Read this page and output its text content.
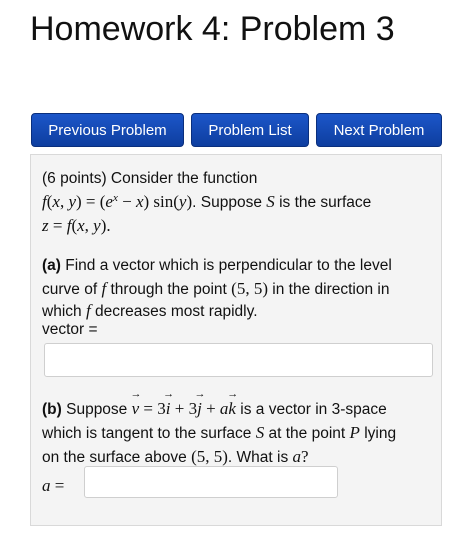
Homework 4: Problem 3
Previous Problem	Problem List	Next Problem
(6 points) Consider the function
f(x, $y) = (e^x - x)$ sin(y). Suppose S is the surface
z = f(x, y).
(a) Find a vector which is perpendicular to the level
curve of f through the point (5, 5) in the direction in
which f decreases most rapidly.
vector =
(b) Suppose → v = 3→ i + 3→ j + a→ k is a vector in 3-space
which is tangent to the surface S at the point P lying
on the surface above (5, 5). What is a?
a =
